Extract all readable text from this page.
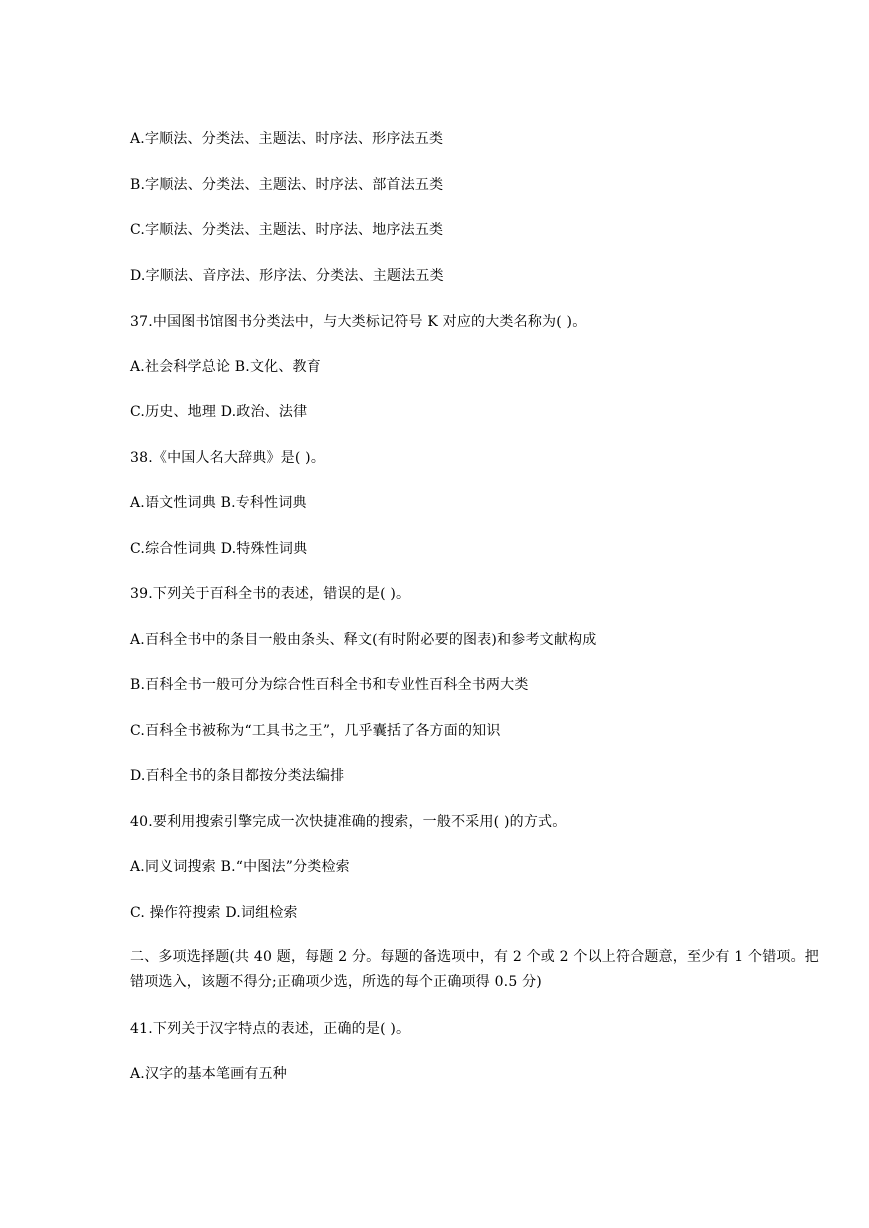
A.字顺法、分类法、主题法、时序法、形序法五类
B.字顺法、分类法、主题法、时序法、部首法五类
C.字顺法、分类法、主题法、时序法、地序法五类
D.字顺法、音序法、形序法、分类法、主题法五类
37.中国图书馆图书分类法中，与大类标记符号 K 对应的大类名称为( )。
A.社会科学总论 B.文化、教育
C.历史、地理 D.政治、法律
38.《中国人名大辞典》是( )。
A.语文性词典 B.专科性词典
C.综合性词典 D.特殊性词典
39.下列关于百科全书的表述，错误的是( )。
A.百科全书中的条目一般由条头、释文(有时附必要的图表)和参考文献构成
B.百科全书一般可分为综合性百科全书和专业性百科全书两大类
C.百科全书被称为“工具书之王”，几乎囊括了各方面的知识
D.百科全书的条目都按分类法编排
40.要利用搜索引擎完成一次快捷准确的搜索，一般不采用( )的方式。
A.同义词搜索 B.“中图法”分类检索
C. 操作符搜索 D.词组检索
二、多项选择题(共 40 题，每题 2 分。每题的备选项中，有 2 个或 2 个以上符合题意，至少有 1 个错项。把错项选入，该题不得分;正确项少选，所选的每个正确项得 0.5 分)
41.下列关于汉字特点的表述，正确的是( )。
A.汉字的基本笔画有五种
